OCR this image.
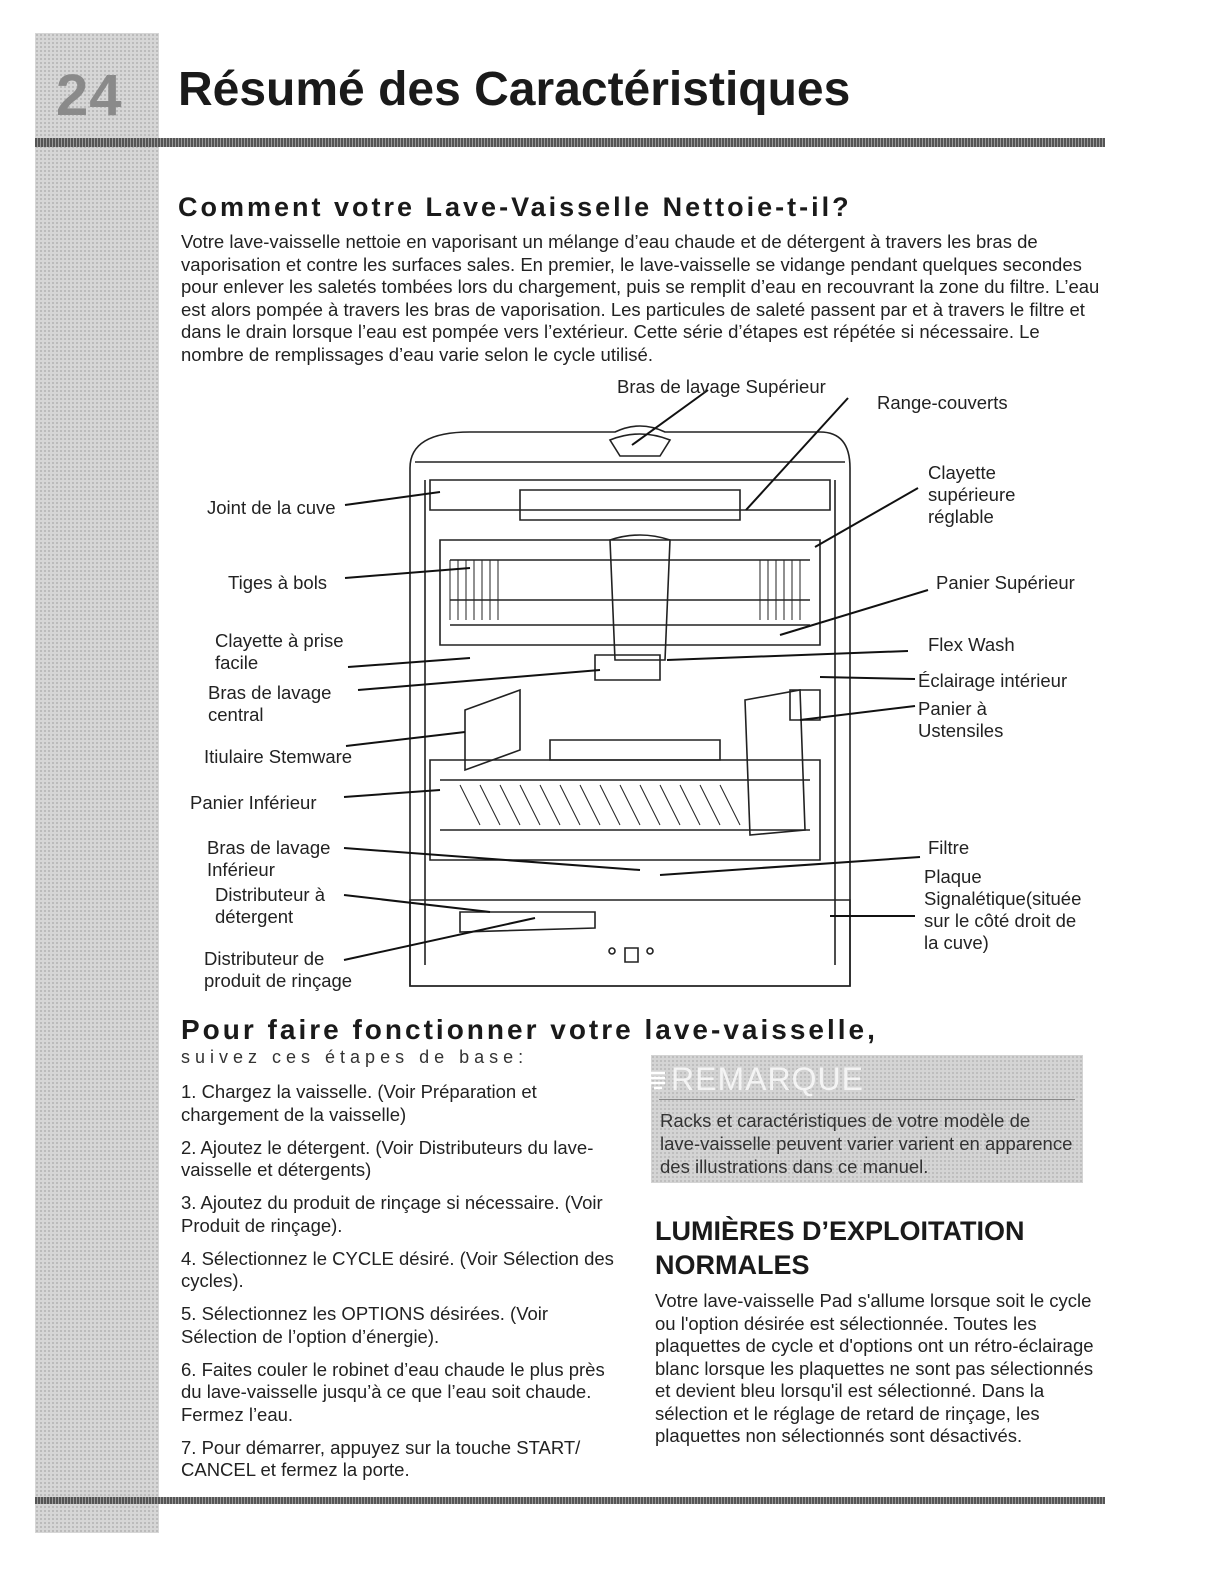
24 Résumé des Caractéristiques
Comment votre Lave-Vaisselle Nettoie-t-il?

Votre lave-vaisselle nettoie en vaporisant un mélange d’eau chaude et de détergent à travers les bras de vaporisation et contre les surfaces sales. En premier, le lave-vaisselle se vidange pendant quelques secondes pour enlever les saletés tombées lors du chargement, puis se remplit d’eau en recouvrant la zone du filtre. L’eau est alors pompée à travers les bras de vaporisation. Les particules de saleté passent par et à travers le filtre et dans le drain lorsque l’eau est pompée vers l’extérieur. Cette série d’étapes est répétée si nécessaire. Le nombre de remplissages d’eau varie selon le cycle utilisé.

Bras de lavage Supérieur
Range-couverts
Joint de la cuve
Clayette
supérieure
réglable
Tiges à bols	Panier Supérieur
Clayette à prise
facile
Flex Wash
Bras de lavage
central
Éclairage intérieur
Panier à
Ustensiles
Itiulaire Stemware
Panier Inférieur
Bras de lavage
Inférieur
Filtre
Distributeur à
détergent
Plaque
Signalétique(située
sur le côté droit de
la cuve)
Distributeur de
produit de rinçage
Pour faire fonctionner votre lave-vaisselle,
suivez ces étapes de base:
1. Chargez la vaisselle. (Voir Préparation et chargement de la vaisselle)
2. Ajoutez le détergent. (Voir Distributeurs du lave-vaisselle et détergents)
3. Ajoutez du produit de rinçage si nécessaire. (Voir Produit de rinçage).
4. Sélectionnez le CYCLE désiré. (Voir Sélection des cycles).
5. Sélectionnez les OPTIONS désirées. (Voir Sélection de l’option d’énergie).
6. Faites couler le robinet d’eau chaude le plus près du lave-vaisselle jusqu’à ce que l’eau soit chaude. Fermez l’eau.
7. Pour démarrer, appuyez sur la touche START/ CANCEL et fermez la porte.
REMARQUE
Racks et caractéristiques de votre modèle de lave-vaisselle peuvent varier varient en apparence des illustrations dans ce manuel.
LUMIÈRES D’EXPLOITATION NORMALES

Votre lave-vaisselle Pad s'allume lorsque soit le cycle ou l'option désirée est sélectionnée. Toutes les plaquettes de cycle et d'options ont un rétro-éclairage blanc lorsque les plaquettes ne sont pas sélectionnés et devient bleu lorsqu'il est sélectionné. Dans la sélection et le réglage de retard de rinçage, les plaquettes non sélectionnés sont désactivés.
